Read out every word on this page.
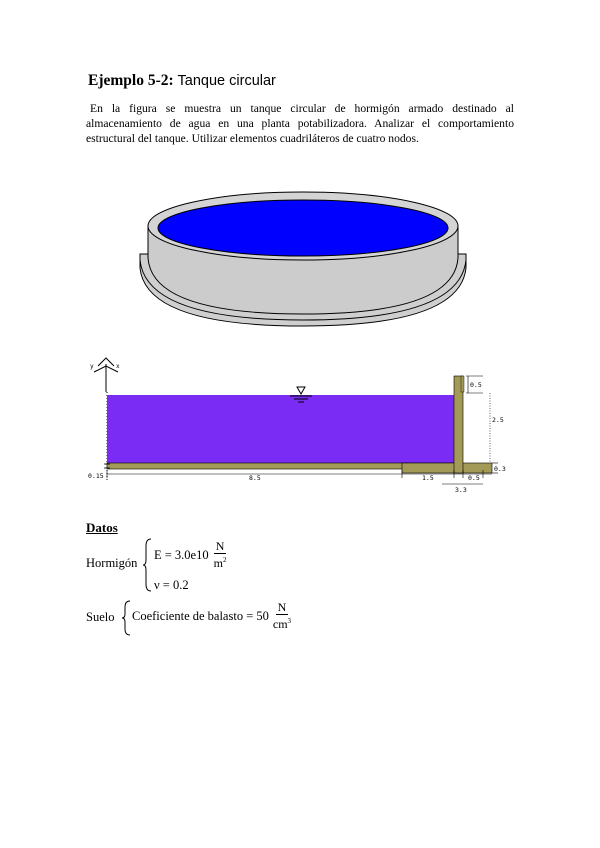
Ejemplo 5-2: Tanque circular
En la figura se muestra un tanque circular de hormigón armado destinado al almacenamiento de agua en una planta potabilizadora. Analizar el comportamiento estructural del tanque. Utilizar elementos cuadriláteros de cuatro nodos.
y	x
0.15	8.5	1.5	0.5
3.3
0.5
2.5
0.3
Datos
Hormigón
$E = 3.0e10 \frac{N}{m^2}$
ν = 0.2
Suelo Coeficiente de balasto = $50 \frac{N}{cm^3}$
